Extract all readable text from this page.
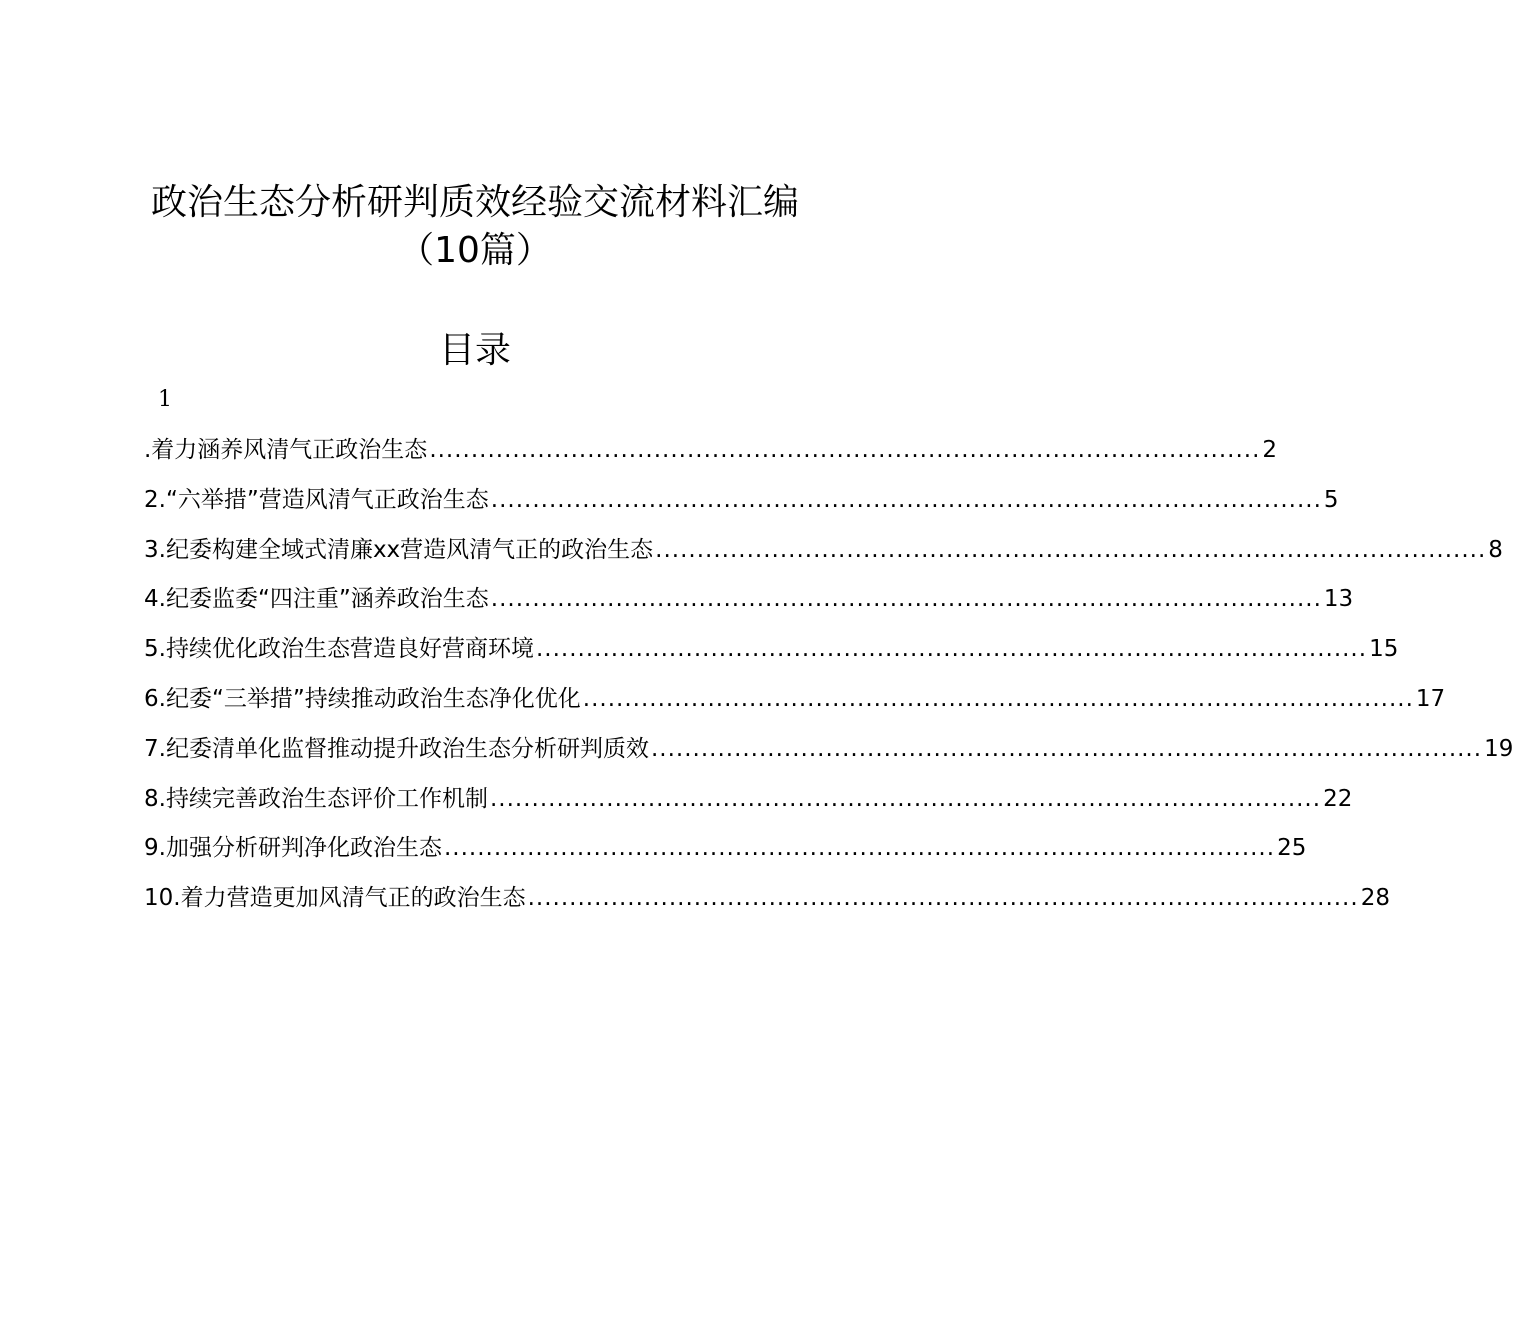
政治生态分析研判质效经验交流材料汇编
（10篇）
目录
1
.着力涵养风清气正政治生态 .................................................................................................... 2
2.“六举措”营造风清气正政治生态 .................................................................................................... 5
3.纪委构建全域式清廉xx营造风清气正的政治生态 .................................................................................................... 8
4.纪委监委“四注重”涵养政治生态 .................................................................................................... 13
5.持续优化政治生态营造良好营商环境 .................................................................................................... 15
6.纪委“三举措”持续推动政治生态净化优化 .................................................................................................... 17
7.纪委清单化监督推动提升政治生态分析研判质效 .................................................................................................... 19
8.持续完善政治生态评价工作机制 .................................................................................................... 22
9.加强分析研判净化政治生态 .................................................................................................... 25
10.着力营造更加风清气正的政治生态 .................................................................................................... 28
